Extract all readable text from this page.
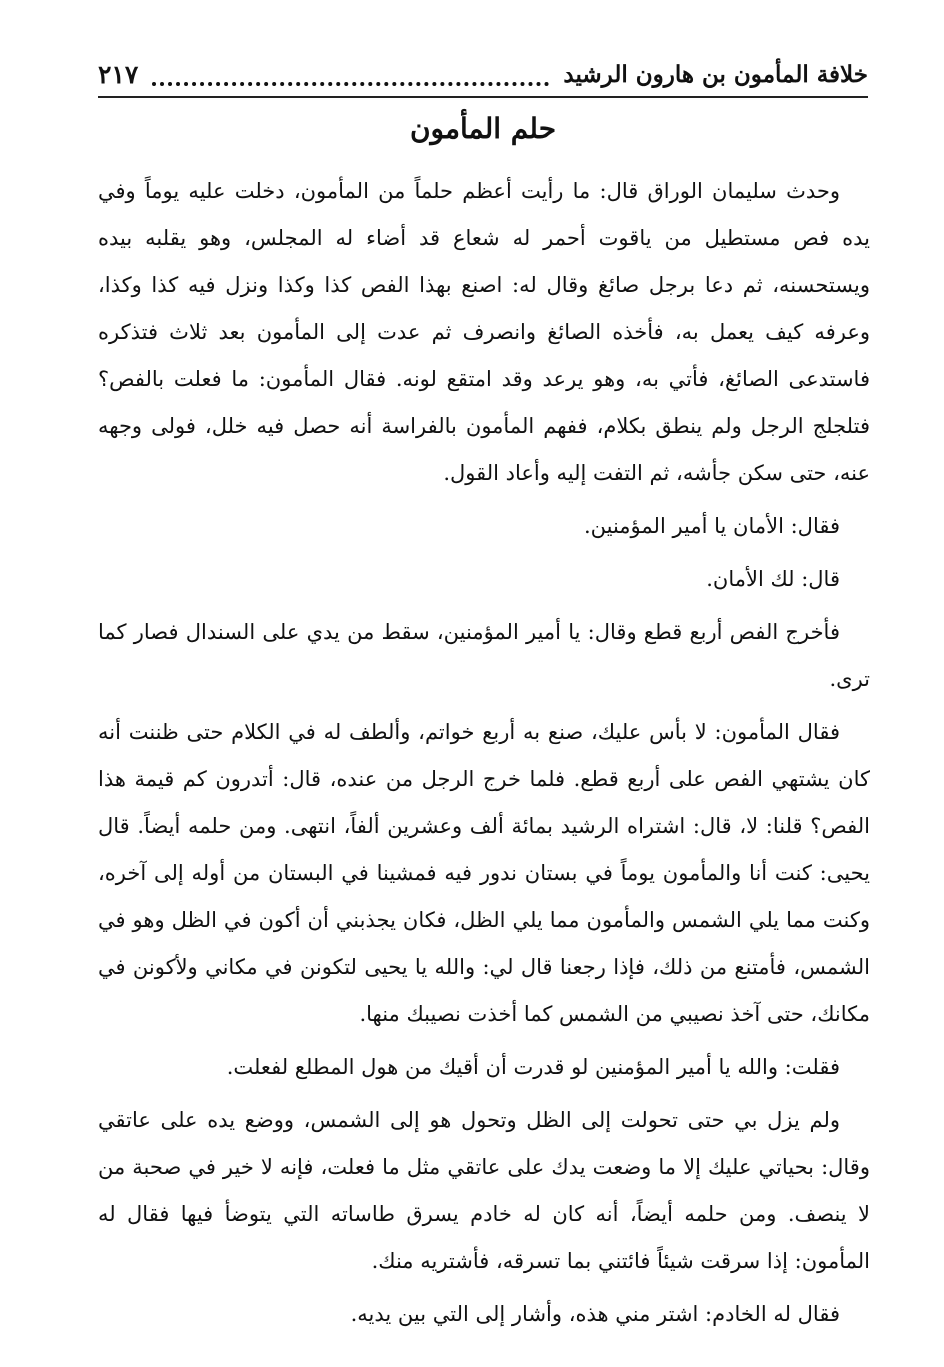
خلافة المأمون بن هارون الرشيد
٢١٧
حلم المأمون

وحدث سليمان الوراق قال: ما رأيت أعظم حلماً من المأمون، دخلت عليه يوماً وفي يده فص مستطيل من ياقوت أحمر له شعاع قد أضاء له المجلس، وهو يقلبه بيده ويستحسنه، ثم دعا برجل صائغ وقال له: اصنع بهذا الفص كذا وكذا ونزل فيه كذا وكذا، وعرفه كيف يعمل به، فأخذه الصائغ وانصرف ثم عدت إلى المأمون بعد ثلاث فتذكره فاستدعى الصائغ، فأتي به، وهو يرعد وقد امتقع لونه. فقال المأمون: ما فعلت بالفص؟ فتلجلج الرجل ولم ينطق بكلام، ففهم المأمون بالفراسة أنه حصل فيه خلل، فولى وجهه عنه، حتى سكن جأشه، ثم التفت إليه وأعاد القول.

فقال: الأمان يا أمير المؤمنين.

قال: لك الأمان.

فأخرج الفص أربع قطع وقال: يا أمير المؤمنين، سقط من يدي على السندال فصار كما ترى.

فقال المأمون: لا بأس عليك، صنع به أربع خواتم، وألطف له في الكلام حتى ظننت أنه كان يشتهي الفص على أربع قطع. فلما خرج الرجل من عنده، قال: أتدرون كم قيمة هذا الفص؟ قلنا: لا، قال: اشتراه الرشيد بمائة ألف وعشرين ألفاً، انتهى. ومن حلمه أيضاً. قال يحيى: كنت أنا والمأمون يوماً في بستان ندور فيه فمشينا في البستان من أوله إلى آخره، وكنت مما يلي الشمس والمأمون مما يلي الظل، فكان يجذبني أن أكون في الظل وهو في الشمس، فأمتنع من ذلك، فإذا رجعنا قال لي: والله يا يحيى لتكونن في مكاني ولأكونن في مكانك، حتى آخذ نصيبي من الشمس كما أخذت نصيبك منها.

فقلت: والله يا أمير المؤمنين لو قدرت أن أقيك من هول المطلع لفعلت.

ولم يزل بي حتى تحولت إلى الظل وتحول هو إلى الشمس، ووضع يده على عاتقي وقال: بحياتي عليك إلا ما وضعت يدك على عاتقي مثل ما فعلت، فإنه لا خير في صحبة من لا ينصف. ومن حلمه أيضاً، أنه كان له خادم يسرق طاساته التي يتوضأ فيها فقال له المأمون: إذا سرقت شيئاً فائتني بما تسرقه، فأشتريه منك.

فقال له الخادم: اشتر مني هذه، وأشار إلى التي بين يديه.
